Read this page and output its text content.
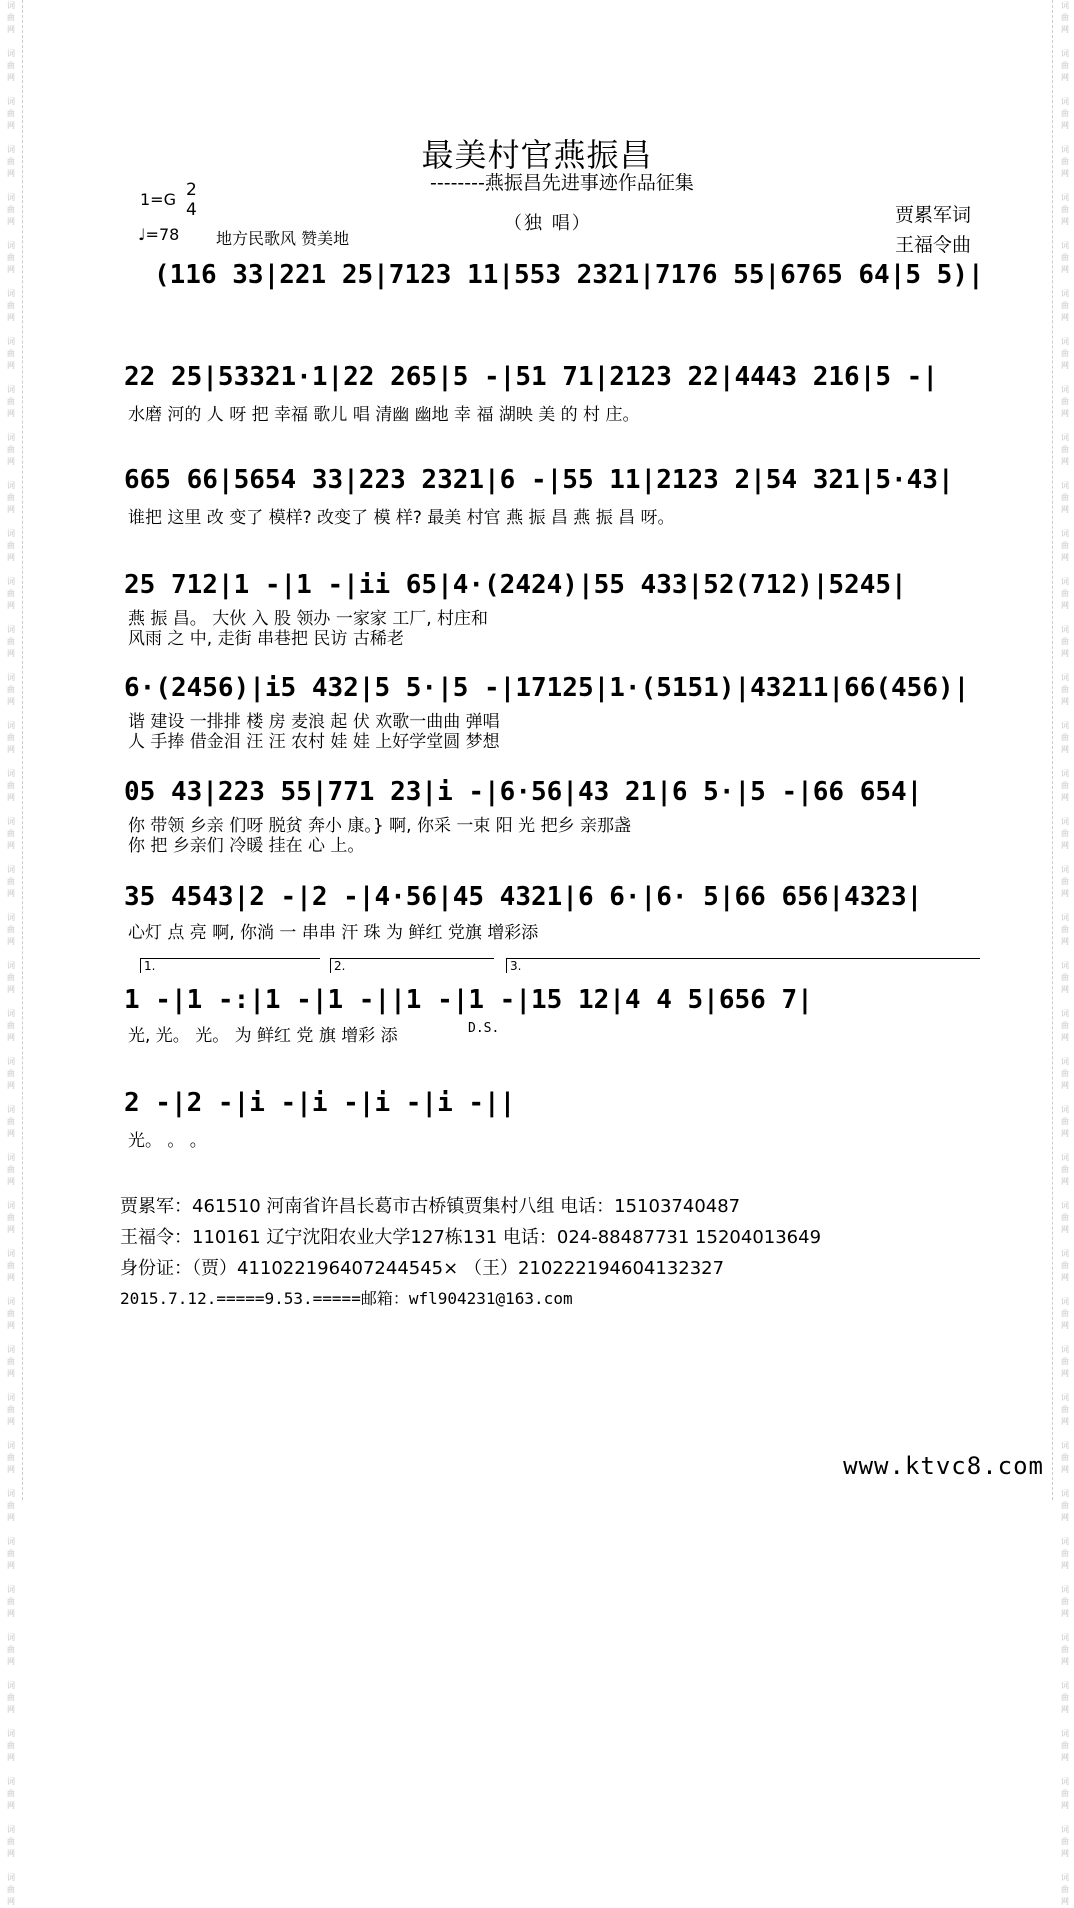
词
曲
网

词
曲
网

词
曲
网

词
曲
网

词
曲
网

词
曲
网

词
曲
网

词
曲
网

词
曲
网

词
曲
网

词
曲
网

词
曲
网

词
曲
网

词
曲
网

词
曲
网

词
曲
网

词
曲
网

词
曲
网

词
曲
网

词
曲
网

词
曲
网

词
曲
网

词
曲
网

词
曲
网

词
曲
网

词
曲
网

词
曲
网

词
曲
网

词
曲
网

词
曲
网

词
曲
网

词
曲
网

词
曲
网

词
曲
网

词
曲
网

词
曲
网

词
曲
网

词
曲
网

词
曲
网

词
曲
网

词
曲
网

词
曲
网

词
曲
网

词
曲
网

词
曲
网

词
曲
网

词
曲
网

词
曲
网

词
曲
网

词
曲
网

词
曲
网

词
曲
网

词
曲
网

词
曲
网

词
曲
网

词
曲
网

词
曲
网

词
曲
网

词
曲
网

词
曲
网

词
曲
网

词
曲
网

词
曲
网

词
曲
网

词
曲
网

词
曲
网

词
曲
网

词
曲
网

词
曲
网

词
曲
网

词
曲
网

词
曲
网

词
曲
网

词
曲
网

词
曲
网

词
曲
网

词
曲
网

词
曲
网

词
曲
网

词
曲
网

最美村官燕振昌
--------燕振昌先进事迹作品征集
1=G 2
4
♩=78 地方民歌风 赞美地
（独 唱）	贾累军词
王福令曲
(116 33|221 25|7123 11|553 2321|7176 55|6765 64|5 5)|
22 25|53321·1|22 265|5 -|51 71|2123 22|4443 216|5 -|
水磨 河的 人 呀 把 幸福 歌儿 唱 清幽 幽地 幸 福 湖映 美 的 村 庄。
665 66|5654 33|223 2321|6 -|55 11|2123 2|54 321|5·43|
谁把 这里 改 变了 模样? 改变了 模 样? 最美 村官 燕 振 昌 燕 振 昌 呀。
25 712|1 -|1 -|ii 65|4·(2424)|55 433|52(712)|5245|
燕 振 昌。 大伙 入 股 领办 一家家 工厂, 村庄和
风雨 之 中, 走街 串巷把 民访 古稀老
6·(2456)|i5 432|5 5·|5 -|17125|1·(5151)|43211|66(456)|
谐 建设 一排排 楼 房 麦浪 起 伏 欢歌一曲曲 弹唱
人 手捧 借金泪 汪 汪 农村 娃 娃 上好学堂圆 梦想
05 43|223 55|771 23|i -|6·56|43 21|6 5·|5 -|66 654|
你 带领 乡亲 们呀 脱贫 奔小 康。} 啊, 你采 一束 阳 光 把乡 亲那盏
你 把 乡亲们 冷暖 挂在 心 上。
35 4543|2 -|2 -|4·56|45 4321|6 6·|6· 5|66 656|4323|
心灯 点 亮 啊, 你淌 一 串串 汗 珠 为 鲜红 党旗 增彩添
1.	2.	3.
1 -|1 -:|1 -|1 -||1 -|1 -|15 12|4 4 5|656 7|
光, 光。 光。 为 鲜红 党 旗 增彩 添	D.S.
2 -|2 -|i -|i -|i -|i -||
光。 。 。
贾累军：461510 河南省许昌长葛市古桥镇贾集村八组 电话：15103740487
王福令：110161 辽宁沈阳农业大学127栋131 电话：024-88487731 15204013649
身份证：（贾）411022196407244545× （王）210222194604132327
2015.7.12.=====9.53.=====邮箱：wfl904231@163.com
www.ktvc8.com
